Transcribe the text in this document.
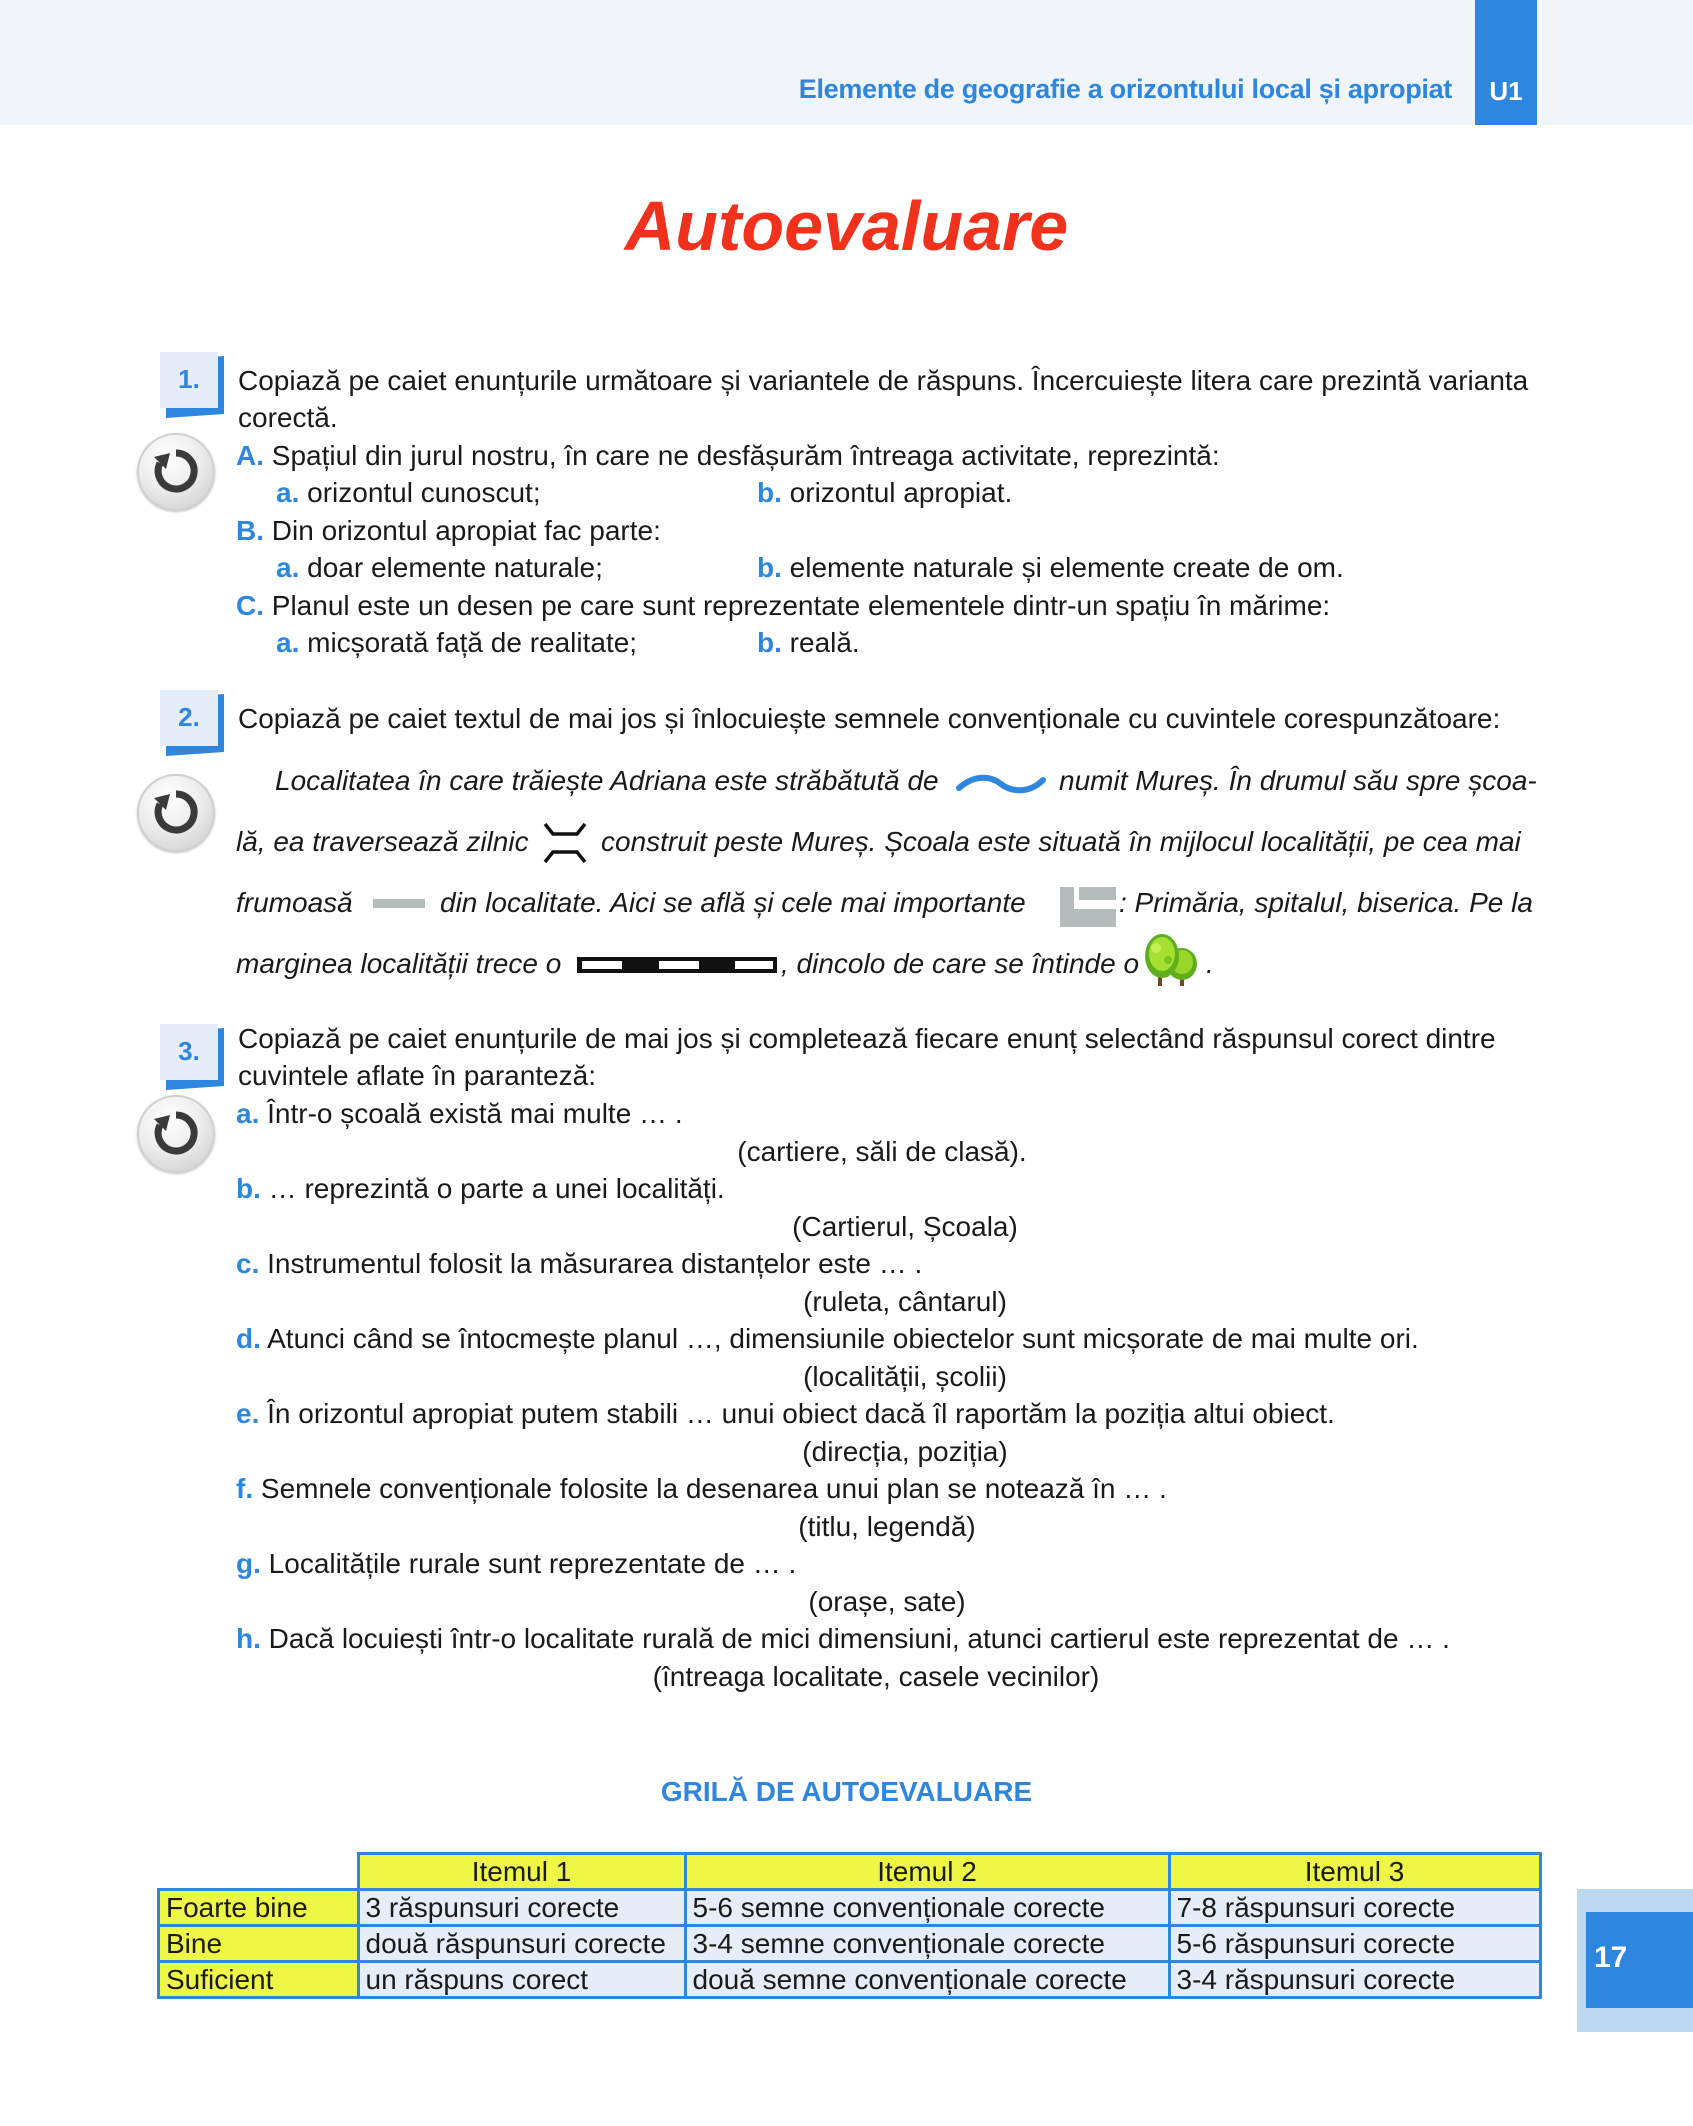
Elemente de geografie a orizontului local și apropiat	U1
Autoevaluare
1.	Copiază pe caiet enunțurile următoare și variantele de răspuns. Încercuiește litera care prezintă varianta
corectă.
A. Spațiul din jurul nostru, în care ne desfășurăm întreaga activitate, reprezintă:
a. orizontul cunoscut;	b. orizontul apropiat.
B. Din orizontul apropiat fac parte:
a. doar elemente naturale;	b. elemente naturale și elemente create de om.
C. Planul este un desen pe care sunt reprezentate elementele dintr-un spațiu în mărime:
a. micșorată față de realitate;	b. reală.
2.	Copiază pe caiet textul de mai jos și înlocuiește semnele convenționale cu cuvintele corespunzătoare:
Localitatea în care trăiește Adriana este străbătută de	numit Mureș. În drumul său spre școa-
lă, ea traversează zilnic	construit peste Mureș. Școala este situată în mijlocul localității, pe cea mai
frumoasă	din localitate. Aici se află și cele mai importante	: Primăria, spitalul, biserica. Pe la
marginea localității trece o	, dincolo de care se întinde o .
3.	Copiază pe caiet enunțurile de mai jos și completează fiecare enunț selectând răspunsul corect dintre
cuvintele aflate în paranteză:
a. Într-o școală există mai multe … .
(cartiere, săli de clasă).
b. … reprezintă o parte a unei localități.
(Cartierul, Școala)
c. Instrumentul folosit la măsurarea distanțelor este … .
(ruleta, cântarul)
d. Atunci când se întocmește planul …, dimensiunile obiectelor sunt micșorate de mai multe ori.
(localității, școlii)
e. În orizontul apropiat putem stabili … unui obiect dacă îl raportăm la poziția altui obiect.
(direcția, poziția)
f. Semnele convenționale folosite la desenarea unui plan se notează în … .
(titlu, legendă)
g. Localitățile rurale sunt reprezentate de … .
(orașe, sate)
h. Dacă locuiești într-o localitate rurală de mici dimensiuni, atunci cartierul este reprezentat de … .
(întreaga localitate, casele vecinilor)
GRILĂ DE AUTOEVALUARE
	Itemul 1	Itemul 2	Itemul 3
Foarte bine	3 răspunsuri corecte	5-6 semne convenționale corecte	7-8 răspunsuri corecte
Bine	două răspunsuri corecte	3-4 semne convenționale corecte	5-6 răspunsuri corecte
Suficient	un răspuns corect	două semne convenționale corecte	3-4 răspunsuri corecte
17
